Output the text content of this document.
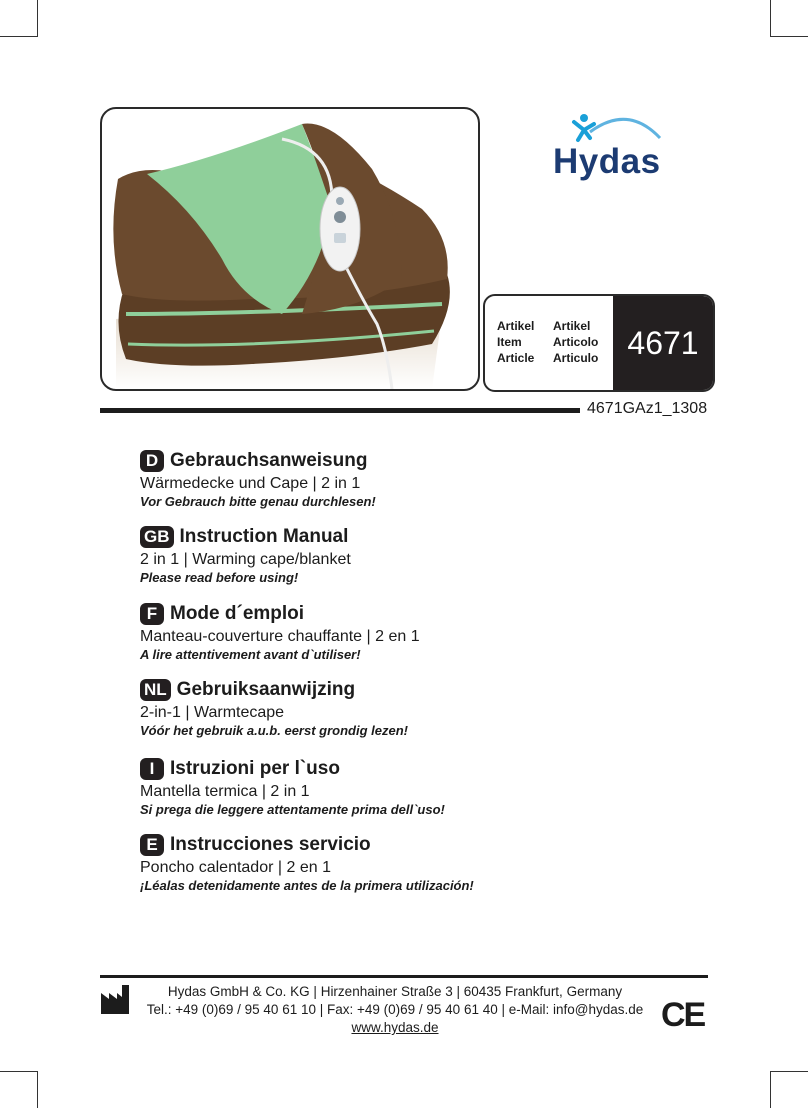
Hydas
Artikel
Item
Article
Artikel
Articolo
Articulo 4671
4671GAz1_1308
D Gebrauchsanweisung
Wärmedecke und Cape | 2 in 1
Vor Gebrauch bitte genau durchlesen!
GB Instruction Manual
2 in 1 | Warming cape/blanket
Please read before using!
F Mode d´emploi
Manteau-couverture chauffante | 2 en 1
A lire attentivement avant d`utiliser!
NL Gebruiksaanwijzing
2-in-1 | Warmtecape
Vóór het gebruik a.u.b. eerst grondig lezen!
I Istruzioni per l`uso
Mantella termica | 2 in 1
Si prega die leggere attentamente prima dell`uso!
E Instrucciones servicio
Poncho calentador | 2 en 1
¡Léalas detenidamente antes de la primera utilización!
Hydas GmbH & Co. KG | Hirzenhainer Straße 3 | 60435 Frankfurt, Germany
Tel.: +49 (0)69 / 95 40 61 10 | Fax: +49 (0)69 / 95 40 61 40 | e-Mail: info@hydas.de
www.hydas.de	CE
